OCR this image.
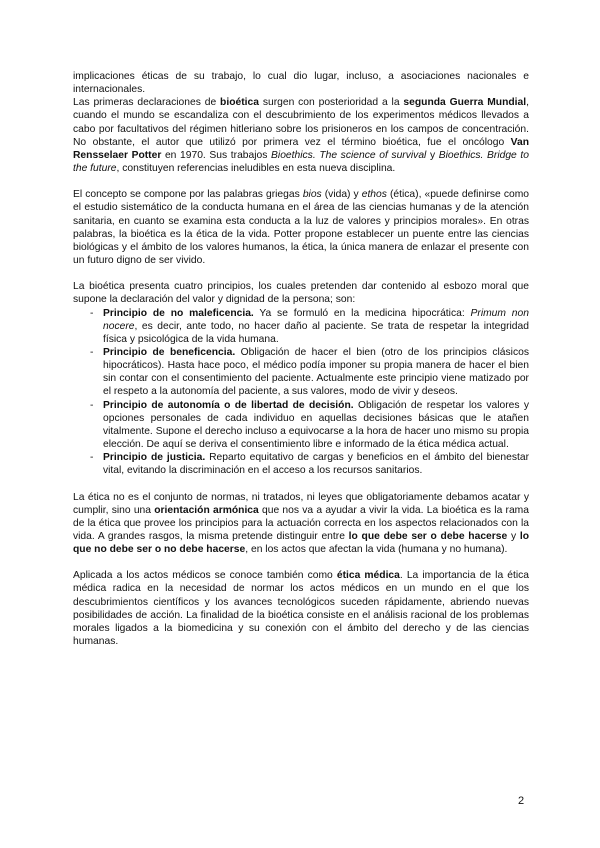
implicaciones éticas de su trabajo, lo cual dio lugar, incluso, a asociaciones nacionales e internacionales.

Las primeras declaraciones de bioética surgen con posterioridad a la segunda Guerra Mundial, cuando el mundo se escandaliza con el descubrimiento de los experimentos médicos llevados a cabo por facultativos del régimen hitleriano sobre los prisioneros en los campos de concentración. No obstante, el autor que utilizó por primera vez el término bioética, fue el oncólogo Van Rensselaer Potter en 1970. Sus trabajos Bioethics. The science of survival y Bioethics. Bridge to the future, constituyen referencias ineludibles en esta nueva disciplina.

El concepto se compone por las palabras griegas bios (vida) y ethos (ética), «puede definirse como el estudio sistemático de la conducta humana en el área de las ciencias humanas y de la atención sanitaria, en cuanto se examina esta conducta a la luz de valores y principios morales». En otras palabras, la bioética es la ética de la vida. Potter propone establecer un puente entre las ciencias biológicas y el ámbito de los valores humanos, la ética, la única manera de enlazar el presente con un futuro digno de ser vivido.

La bioética presenta cuatro principios, los cuales pretenden dar contenido al esbozo moral que supone la declaración del valor y dignidad de la persona; son:

- Principio de no maleficencia. Ya se formuló en la medicina hipocrática: Primum non nocere, es decir, ante todo, no hacer daño al paciente. Se trata de respetar la integridad física y psicológica de la vida humana.
- Principio de beneficencia. Obligación de hacer el bien (otro de los principios clásicos hipocráticos). Hasta hace poco, el médico podía imponer su propia manera de hacer el bien sin contar con el consentimiento del paciente. Actualmente este principio viene matizado por el respeto a la autonomía del paciente, a sus valores, modo de vivir y deseos.
- Principio de autonomía o de libertad de decisión. Obligación de respetar los valores y opciones personales de cada individuo en aquellas decisiones básicas que le atañen vitalmente. Supone el derecho incluso a equivocarse a la hora de hacer uno mismo su propia elección. De aquí se deriva el consentimiento libre e informado de la ética médica actual.
- Principio de justicia. Reparto equitativo de cargas y beneficios en el ámbito del bienestar vital, evitando la discriminación en el acceso a los recursos sanitarios.

La ética no es el conjunto de normas, ni tratados, ni leyes que obligatoriamente debamos acatar y cumplir, sino una orientación armónica que nos va a ayudar a vivir la vida. La bioética es la rama de la ética que provee los principios para la actuación correcta en los aspectos relacionados con la vida. A grandes rasgos, la misma pretende distinguir entre lo que debe ser o debe hacerse y lo que no debe ser o no debe hacerse, en los actos que afectan la vida (humana y no humana).

Aplicada a los actos médicos se conoce también como ética médica. La importancia de la ética médica radica en la necesidad de normar los actos médicos en un mundo en el que los descubrimientos científicos y los avances tecnológicos suceden rápidamente, abriendo nuevas posibilidades de acción. La finalidad de la bioética consiste en el análisis racional de los problemas morales ligados a la biomedicina y su conexión con el ámbito del derecho y de las ciencias humanas.

2
